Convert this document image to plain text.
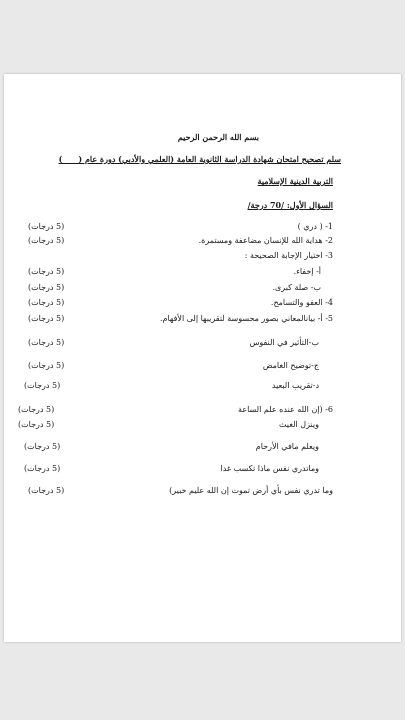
بسم الله الرحمن الرحيم
سلم تصحيح امتحان شهادة الدراسة الثانوية العامة (العلمي والأدبي) دورة عام (____)
التربية الدينية الإسلامية
السؤال الأول: /70 درجة/
1- ( دري )
(5 درجات)
2- هداية الله للإنسان مضاعفة ومستمرة.
(5 درجات)
3- اختيار الإجابة الصحيحة :
أ- إخفاء.
(5 درجات)
ب- صلة كبرى.
(5 درجات)
4- العفو والتسامح.
(5 درجات)
5- أ- بيانالمعاني بصور محسوسة لتقريبها إلى الأفهام.
(5 درجات)
ب-التأثير في النفوس
(5 درجات)
ج-توضيح الغامض
(5 درجات)
د-تقريب البعيد
(5 درجات)
6- (إن الله عنده علم الساعة
(5 درجات)
وينزل الغيث
(5 درجات)
ويعلم مافي الأرحام
(5 درجات)
وماتدري نفس ماذا تكسب غدا
(5 درجات)
وما تدري نفس بأي أرض تموت إن الله عليم خبير)
(5 درجات)
